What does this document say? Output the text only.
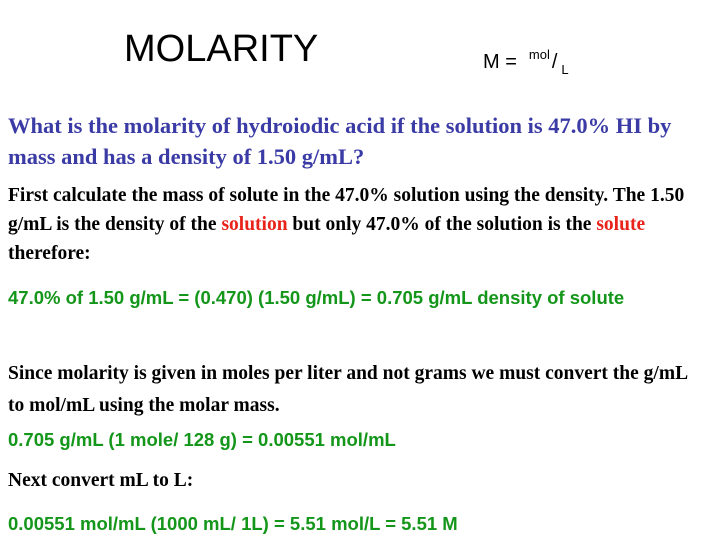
MOLARITY	M = $^{mol}$ / $_L$
What is the molarity of hydroiodic acid if the solution is 47.0% HI by mass and has a density of 1.50 g/mL?
First calculate the mass of solute in the 47.0% solution using the density. The 1.50 g/mL is the density of the solution but only 47.0% of the solution is the solute therefore:
47.0% of 1.50 g/mL = (0.470) (1.50 g/mL) = 0.705 g/mL density of solute
Since molarity is given in moles per liter and not grams we must convert the g/mL to mol/mL using the molar mass.
0.705 g/mL (1 mole/ 128 g) = 0.00551 mol/mL
Next convert mL to L:
0.00551 mol/mL (1000 mL/ 1L) = 5.51 mol/L = 5.51 M
